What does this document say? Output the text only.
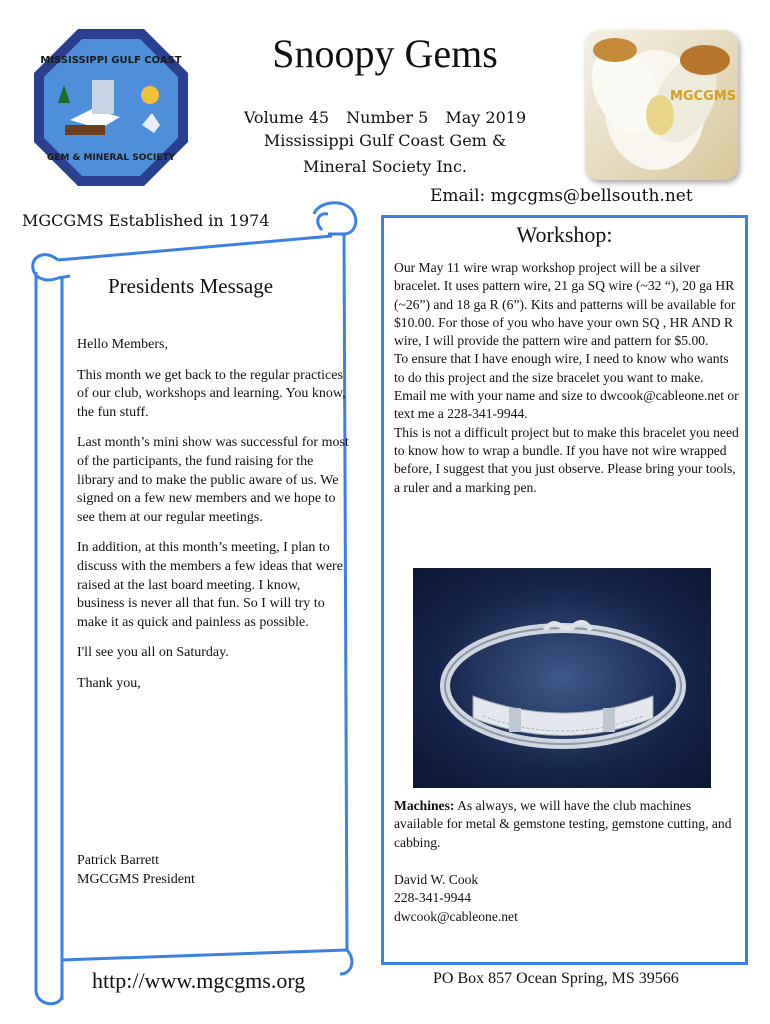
MISSISSIPPI GULF COAST
GEM & MINERAL SOCIETY
Snoopy Gems
Volume 45 Number 5 May 2019
Mississippi Gulf Coast Gem &
Mineral Society Inc.
Email: mgcgms@bellsouth.net
MGCGMS
MGCGMS Established in 1974
Presidents Message

Hello Members,

This month we get back to the regular practices of our club, workshops and learning. You know, the fun stuff.

Last month’s mini show was successful for most of the participants, the fund raising for the library and to make the public aware of us. We signed on a few new members and we hope to see them at our regular meetings.

In addition, at this month’s meeting, I plan to discuss with the members a few ideas that were raised at the last board meeting. I know, business is never all that fun. So I will try to make it as quick and painless as possible.

I'll see you all on Saturday.

Thank you,

Patrick Barrett
MGCGMS President
http://www.mgcgms.org
Workshop:

Our May 11 wire wrap workshop project will be a silver bracelet. It uses pattern wire, 21 ga SQ wire (~32 “), 20 ga HR (~26”) and 18 ga R (6”). Kits and patterns will be available for $10.00. For those of you who have your own SQ , HR AND R wire, I will provide the pattern wire and pattern for $5.00.

To ensure that I have enough wire, I need to know who wants to do this project and the size bracelet you want to make. Email me with your name and size to dwcook@cableone.net or text me a 228-341-9944.

This is not a difficult project but to make this bracelet you need to know how to wrap a bundle. If you have not wire wrapped before, I suggest that you just observe. Please bring your tools, a ruler and a marking pen.

Machines: As always, we will have the club machines available for metal & gemstone testing, gemstone cutting, and cabbing.
David W. Cook
228-341-9944
dwcook@cableone.net
PO Box 857 Ocean Spring, MS 39566
